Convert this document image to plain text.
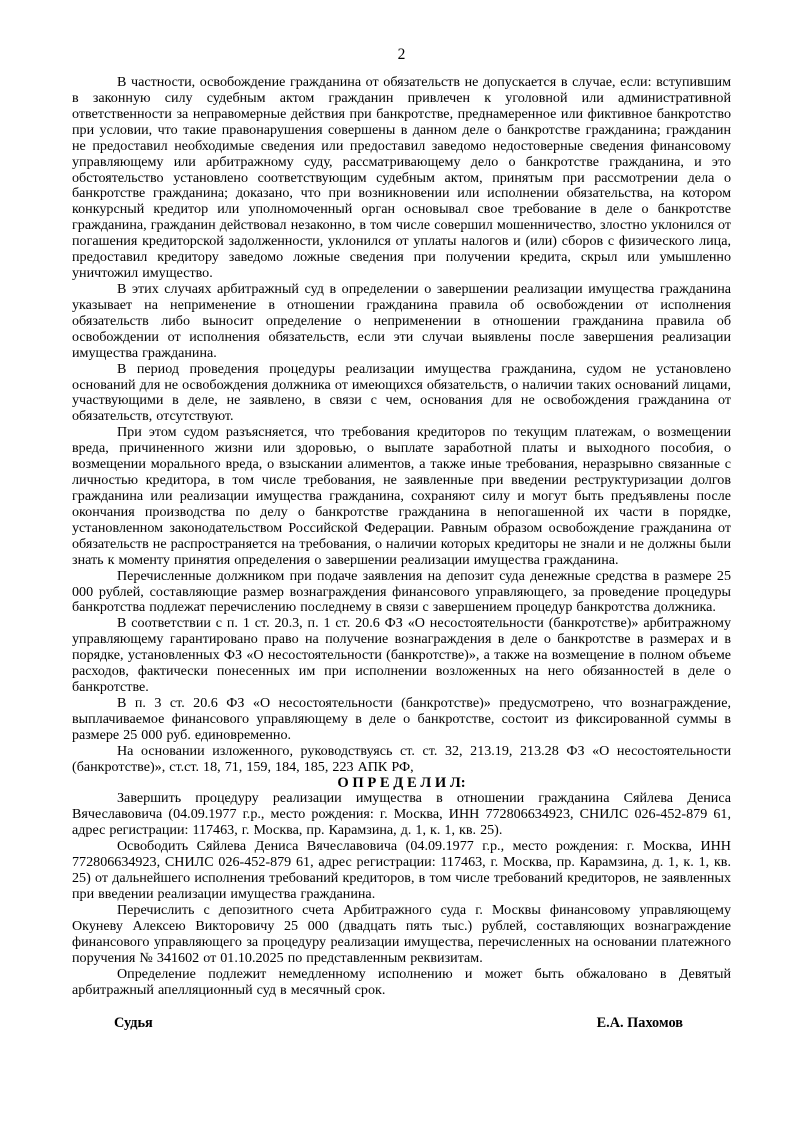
2

В частности, освобождение гражданина от обязательств не допускается в случае, если: вступившим в законную силу судебным актом гражданин привлечен к уголовной или административной ответственности за неправомерные действия при банкротстве, преднамеренное или фиктивное банкротство при условии, что такие правонарушения совершены в данном деле о банкротстве гражданина; гражданин не предоставил необходимые сведения или предоставил заведомо недостоверные сведения финансовому управляющему или арбитражному суду, рассматривающему дело о банкротстве гражданина, и это обстоятельство установлено соответствующим судебным актом, принятым при рассмотрении дела о банкротстве гражданина; доказано, что при возникновении или исполнении обязательства, на котором конкурсный кредитор или уполномоченный орган основывал свое требование в деле о банкротстве гражданина, гражданин действовал незаконно, в том числе совершил мошенничество, злостно уклонился от погашения кредиторской задолженности, уклонился от уплаты налогов и (или) сборов с физического лица, предоставил кредитору заведомо ложные сведения при получении кредита, скрыл или умышленно уничтожил имущество.

В этих случаях арбитражный суд в определении о завершении реализации имущества гражданина указывает на неприменение в отношении гражданина правила об освобождении от исполнения обязательств либо выносит определение о неприменении в отношении гражданина правила об освобождении от исполнения обязательств, если эти случаи выявлены после завершения реализации имущества гражданина.

В период проведения процедуры реализации имущества гражданина, судом не установлено оснований для не освобождения должника от имеющихся обязательств, о наличии таких оснований лицами, участвующими в деле, не заявлено, в связи с чем, основания для не освобождения гражданина от обязательств, отсутствуют.

При этом судом разъясняется, что требования кредиторов по текущим платежам, о возмещении вреда, причиненного жизни или здоровью, о выплате заработной платы и выходного пособия, о возмещении морального вреда, о взыскании алиментов, а также иные требования, неразрывно связанные с личностью кредитора, в том числе требования, не заявленные при введении реструктуризации долгов гражданина или реализации имущества гражданина, сохраняют силу и могут быть предъявлены после окончания производства по делу о банкротстве гражданина в непогашенной их части в порядке, установленном законодательством Российской Федерации. Равным образом освобождение гражданина от обязательств не распространяется на требования, о наличии которых кредиторы не знали и не должны были знать к моменту принятия определения о завершении реализации имущества гражданина.

Перечисленные должником при подаче заявления на депозит суда денежные средства в размере 25 000 рублей, составляющие размер вознаграждения финансового управляющего, за проведение процедуры банкротства подлежат перечислению последнему в связи с завершением процедур банкротства должника.

В соответствии с п. 1 ст. 20.3, п. 1 ст. 20.6 ФЗ «О несостоятельности (банкротстве)» арбитражному управляющему гарантировано право на получение вознаграждения в деле о банкротстве в размерах и в порядке, установленных ФЗ «О несостоятельности (банкротстве)», а также на возмещение в полном объеме расходов, фактически понесенных им при исполнении возложенных на него обязанностей в деле о банкротстве.

В п. 3 ст. 20.6 ФЗ «О несостоятельности (банкротстве)» предусмотрено, что вознаграждение, выплачиваемое финансового управляющему в деле о банкротстве, состоит из фиксированной суммы в размере 25 000 руб. единовременно.

На основании изложенного, руководствуясь ст. ст. 32, 213.19, 213.28 ФЗ «О несостоятельности (банкротстве)», ст.ст. 18, 71, 159, 184, 185, 223 АПК РФ,

О П Р Е Д Е Л И Л:

Завершить процедуру реализации имущества в отношении гражданина Сяйлева Дениса Вячеславовича (04.09.1977 г.р., место рождения: г. Москва, ИНН 772806634923, СНИЛС 026-452-879 61, адрес регистрации: 117463, г. Москва, пр. Карамзина, д. 1, к. 1, кв. 25).

Освободить Сяйлева Дениса Вячеславовича (04.09.1977 г.р., место рождения: г. Москва, ИНН 772806634923, СНИЛС 026-452-879 61, адрес регистрации: 117463, г. Москва, пр. Карамзина, д. 1, к. 1, кв. 25) от дальнейшего исполнения требований кредиторов, в том числе требований кредиторов, не заявленных при введении реализации имущества гражданина.

Перечислить с депозитного счета Арбитражного суда г. Москвы финансовому управляющему Окуневу Алексею Викторовичу 25 000 (двадцать пять тыс.) рублей, составляющих вознаграждение финансового управляющего за процедуру реализации имущества, перечисленных на основании платежного поручения № 341602 от 01.10.2025 по представленным реквизитам.

Определение подлежит немедленному исполнению и может быть обжаловано в Девятый арбитражный апелляционный суд в месячный срок.

Судья	Е.А. Пахомов
